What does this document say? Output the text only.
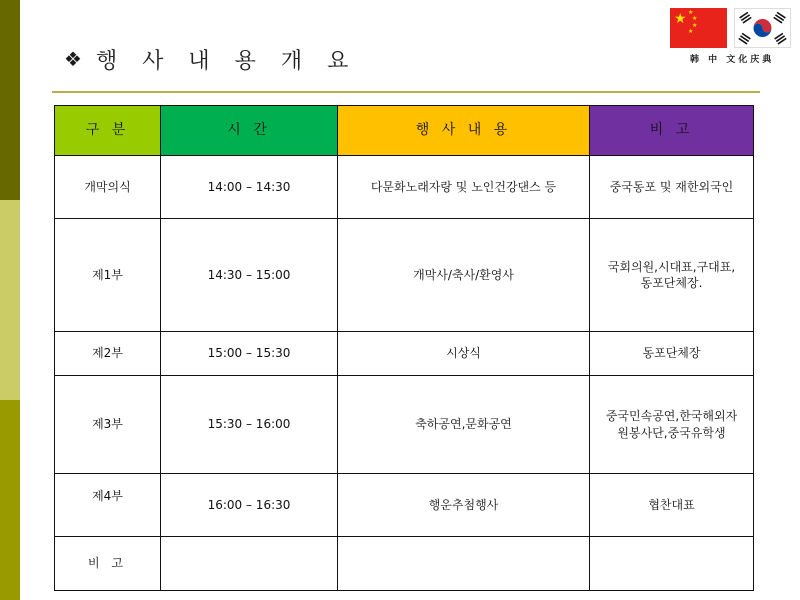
❖ 행 사 내 용 개 요
★ ★
★
★
★
韩 中 文化庆典
구 분	시 간	행 사 내 용	비 고
개막의식	14:00 – 14:30	다문화노래자랑 및 노인건강댄스 등	중국동포 및 재한외국인
제1부	14:30 – 15:00	개막사/축사/환영사	국회의원,시대표,구대표,
동포단체장.
제2부	15:00 – 15:30	시상식	동포단체장
제3부	15:30 – 16:00	축하공연,문화공연	중국민속공연,한국해외자
원봉사단,중국유학생
제4부	16:00 – 16:30	행운추첨행사	협찬대표
비 고			
